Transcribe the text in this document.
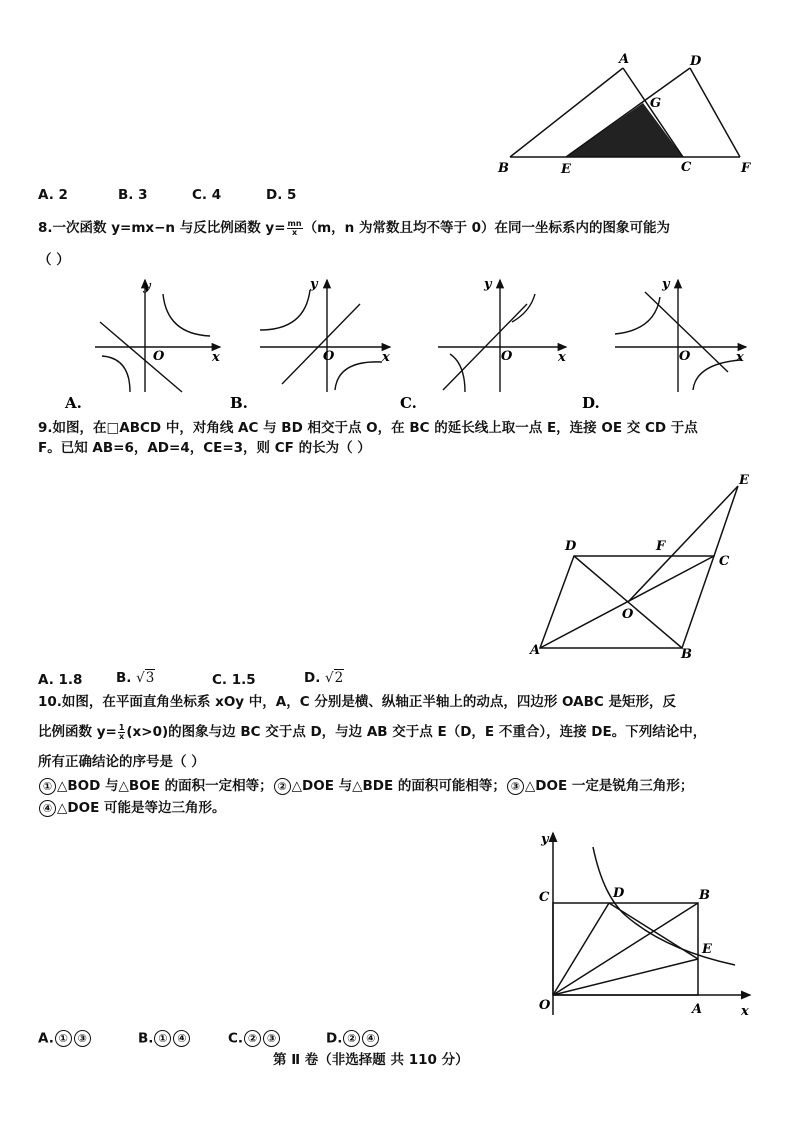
A	D
G
B	E	C	F
A. 2	B. 3	C. 4	D. 5
8.一次函数 y=mx−n 与反比例函数 $y= \frac{mn}{x} (m$，n 为常数且均不等于 0）在同一坐标系内的图象可能为
（ ）
y
x
O
A.
y
x
O
B.
y
x
O
C.
y
x
O
D.
9.如图，在□ABCD 中，对角线 AC 与 BD 相交于点 O，在 BC 的延长线上取一点 E，连接 OE 交 CD 于点
F。已知 AB=6，AD=4，CE=3，则 CF 的长为（ ）
E
D	F
C
O
A	B
A. 1.8 B. √3	C. 1.5	D. √2
10.如图，在平面直角坐标系 xOy 中，A，C 分别是横、纵轴正半轴上的动点，四边形 OABC 是矩形，反
比例函数 $y= \frac{1}{x} (x>0)$的图象与边 BC 交于点 D，与边 AB 交于点 E（D，E 不重合），连接 DE。下列结论中，
所有正确结论的序号是（ ）
① △BOD 与△BOE 的面积一定相等； ② △DOE 与△BDE 的面积可能相等； ③ △DOE 一定是锐角三角形；
④ △DOE 可能是等边三角形。
y
C	D	B
E
O	A	x
A. ① ③	B. ① ④	C. ② ③	D. ② ④
第 Ⅱ 卷（非选择题 共 110 分）
